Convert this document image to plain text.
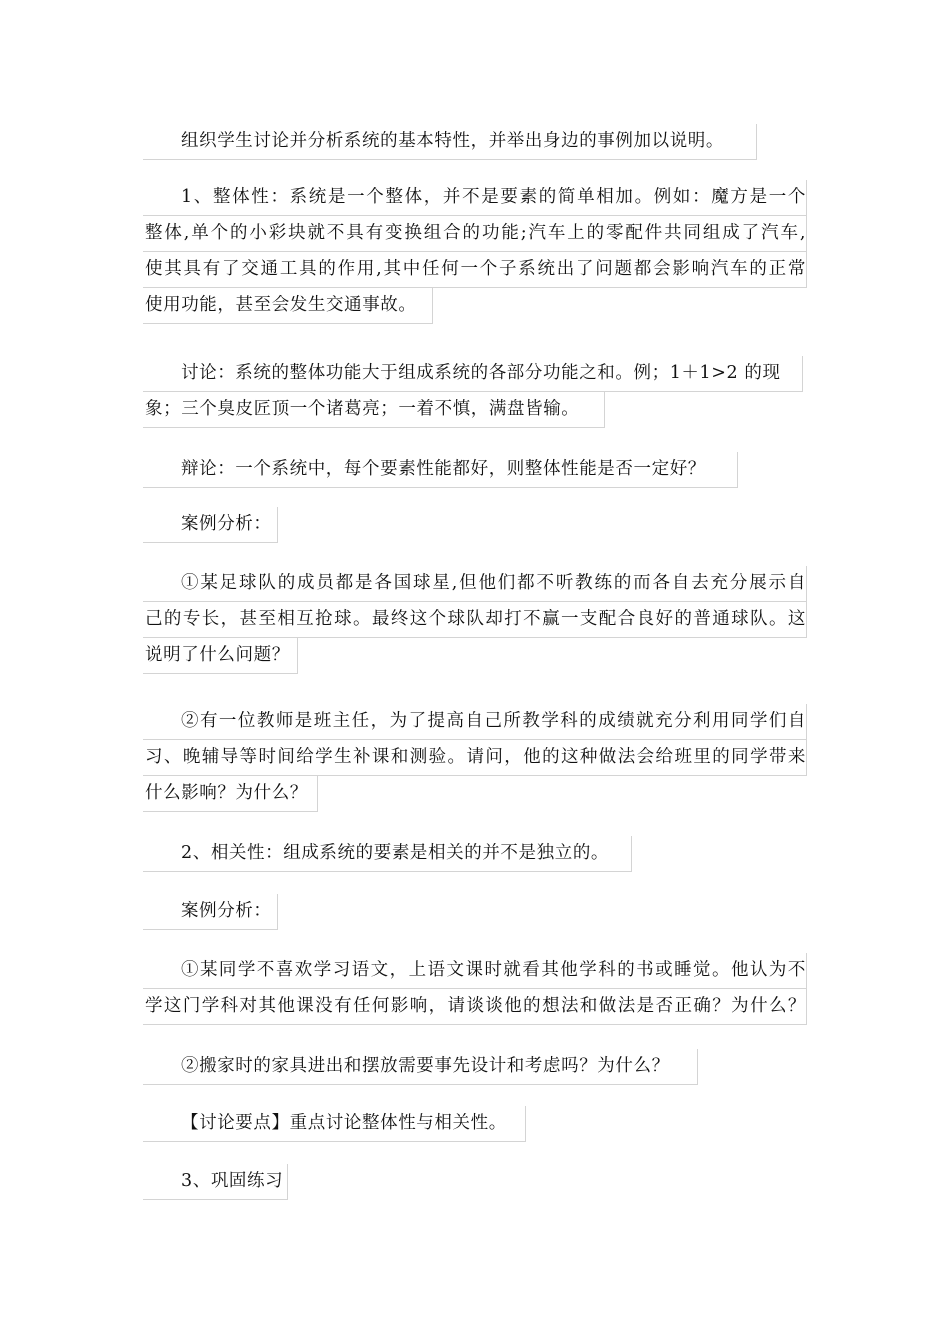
组织学生讨论并分析系统的基本特性，并举出身边的事例加以说明。
1、整体性：系统是一个整体，并不是要素的简单相加。例如：魔方是一个
整体,单个的小彩块就不具有变换组合的功能;汽车上的零配件共同组成了汽车,
使其具有了交通工具的作用,其中任何一个子系统出了问题都会影响汽车的正常
使用功能，甚至会发生交通事故。
讨论：系统的整体功能大于组成系统的各部分功能之和。例；1＋1>2 的现
象；三个臭皮匠顶一个诸葛亮；一着不慎，满盘皆输。
辩论：一个系统中，每个要素性能都好，则整体性能是否一定好？
案例分析：
①某足球队的成员都是各国球星,但他们都不听教练的而各自去充分展示自
己的专长，甚至相互抢球。最终这个球队却打不赢一支配合良好的普通球队。这
说明了什么问题？
②有一位教师是班主任，为了提高自己所教学科的成绩就充分利用同学们自
习、晚辅导等时间给学生补课和测验。请问，他的这种做法会给班里的同学带来
什么影响？为什么？
2、相关性：组成系统的要素是相关的并不是独立的。
案例分析：
①某同学不喜欢学习语文，上语文课时就看其他学科的书或睡觉。他认为不
学这门学科对其他课没有任何影响，请谈谈他的想法和做法是否正确？为什么？
②搬家时的家具进出和摆放需要事先设计和考虑吗？为什么？
【讨论要点】重点讨论整体性与相关性。
3、巩固练习
